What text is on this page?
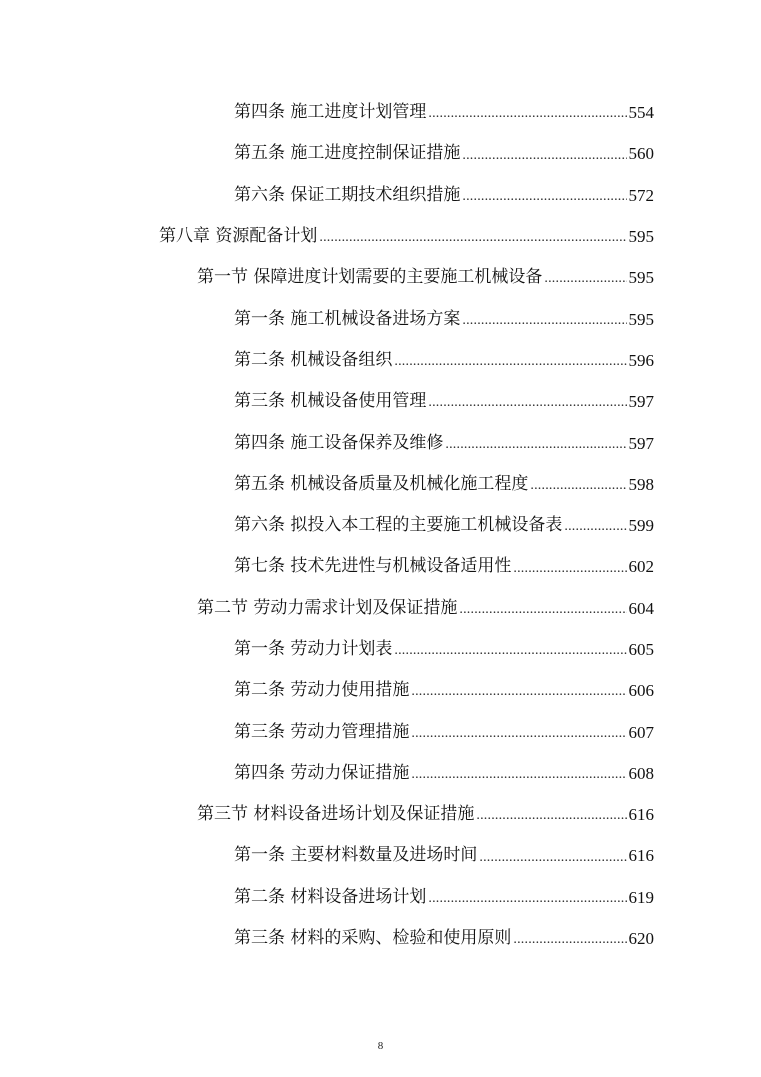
第四条 施工进度计划管理 .....	554
第五条 施工进度控制保证措施 .....	560
第六条 保证工期技术组织措施 .....	572
第八章 资源配备计划 .....	595
第一节 保障进度计划需要的主要施工机械设备 .....	595
第一条 施工机械设备进场方案 .....	595
第二条 机械设备组织 .....	596
第三条 机械设备使用管理 .....	597
第四条 施工设备保养及维修 .....	597
第五条 机械设备质量及机械化施工程度 .....	598
第六条 拟投入本工程的主要施工机械设备表 .....	599
第七条 技术先进性与机械设备适用性 .....	602
第二节 劳动力需求计划及保证措施 .....	604
第一条 劳动力计划表 .....	605
第二条 劳动力使用措施 .....	606
第三条 劳动力管理措施 .....	607
第四条 劳动力保证措施 .....	608
第三节 材料设备进场计划及保证措施 .....	616
第一条 主要材料数量及进场时间 .....	616
第二条 材料设备进场计划 .....	619
第三条 材料的采购、检验和使用原则 .....	620
8
